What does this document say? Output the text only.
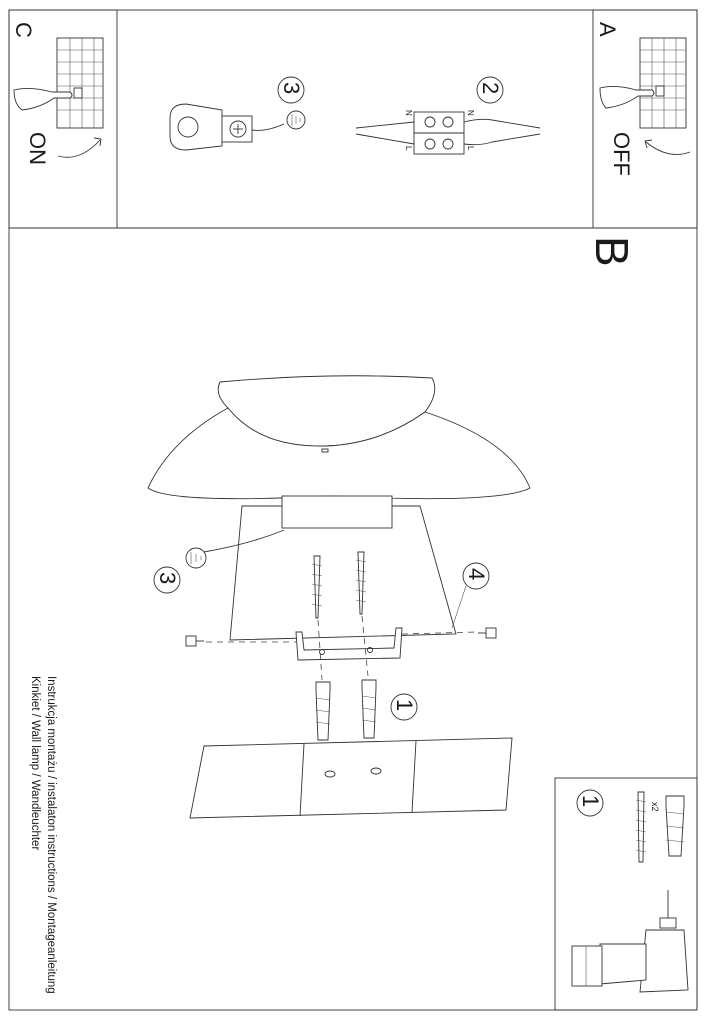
C
ON
A
OFF
B
3	2
N
L
N
L
3	4
1
Instrukcja montażu / instalaton instructions / Montageanleitung
Kinkiet / Wall lamp / Wandleuchter	1	x2
